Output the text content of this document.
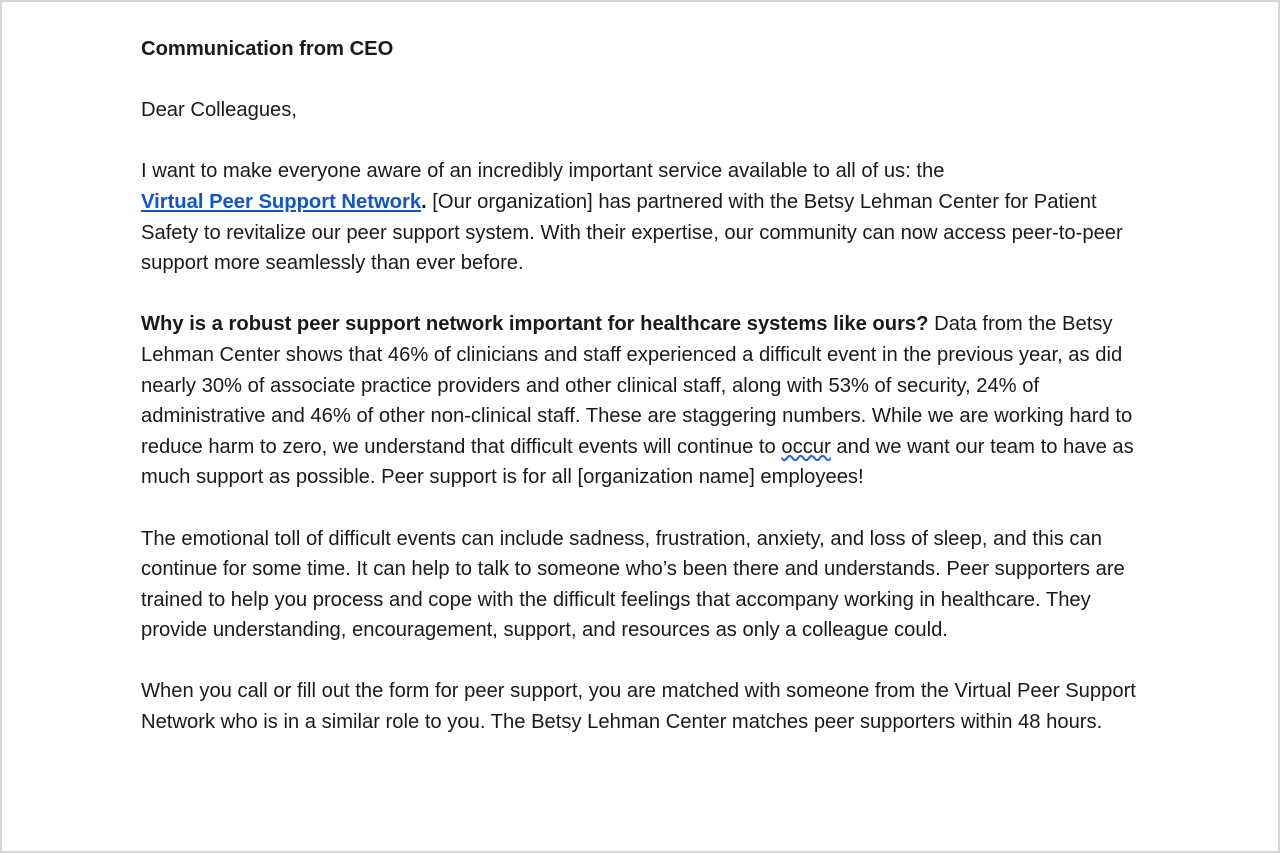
Communication from CEO

Dear Colleagues,

I want to make everyone aware of an incredibly important service available to all of us: the
Virtual Peer Support Network. [Our organization] has partnered with the Betsy Lehman Center for Patient Safety to revitalize our peer support system. With their expertise, our community can now access peer-to-peer support more seamlessly than ever before.

Why is a robust peer support network important for healthcare systems like ours? Data from the Betsy Lehman Center shows that 46% of clinicians and staff experienced a difficult event in the previous year, as did nearly 30% of associate practice providers and other clinical staff, along with 53% of security, 24% of administrative and 46% of other non-clinical staff. These are staggering numbers. While we are working hard to reduce harm to zero, we understand that difficult events will continue to occur and we want our team to have as much support as possible. Peer support is for all [organization name] employees!

The emotional toll of difficult events can include sadness, frustration, anxiety, and loss of sleep, and this can continue for some time. It can help to talk to someone who’s been there and understands. Peer supporters are trained to help you process and cope with the difficult feelings that accompany working in healthcare. They provide understanding, encouragement, support, and resources as only a colleague could.

When you call or fill out the form for peer support, you are matched with someone from the Virtual Peer Support Network who is in a similar role to you. The Betsy Lehman Center matches peer supporters within 48 hours.
